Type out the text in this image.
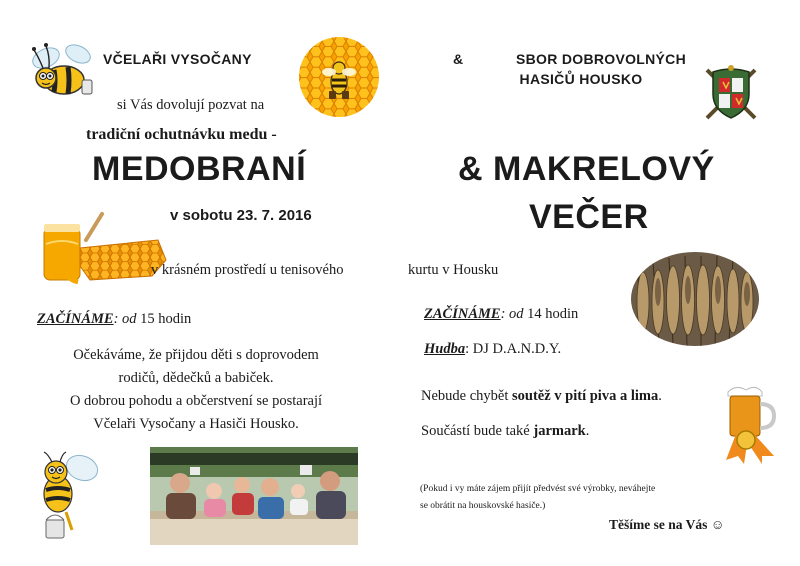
VČELAŘI VYSOČANY	&	SBOR DOBROVOLNÝCH
HASIČŮ HOUSKO
si Vás dovolují pozvat na
tradiční ochutnávku medu -
MEDOBRANÍ	& MAKRELOVÝ
VEČER
v sobotu 23. 7. 2016
v krásném prostředí u tenisového	kurtu v Housku
ZAČÍNÁME: od 15 hodin
Očekáváme, že přijdou děti s doprovodem
rodičů, dědečků a babiček.
O dobrou pohodu a občerstvení se postarají
Včelaři Vysočany a Hasiči Housko.
ZAČÍNÁME: od 14 hodin
Hudba: DJ D.A.N.D.Y.
Nebude chybět soutěž v pití piva a lima.
Součástí bude také jarmark.
(Pokud i vy máte zájem přijít předvést své výrobky, neváhejte
se obrátit na houskovské hasiče.)
Těšíme se na Vás ☺
